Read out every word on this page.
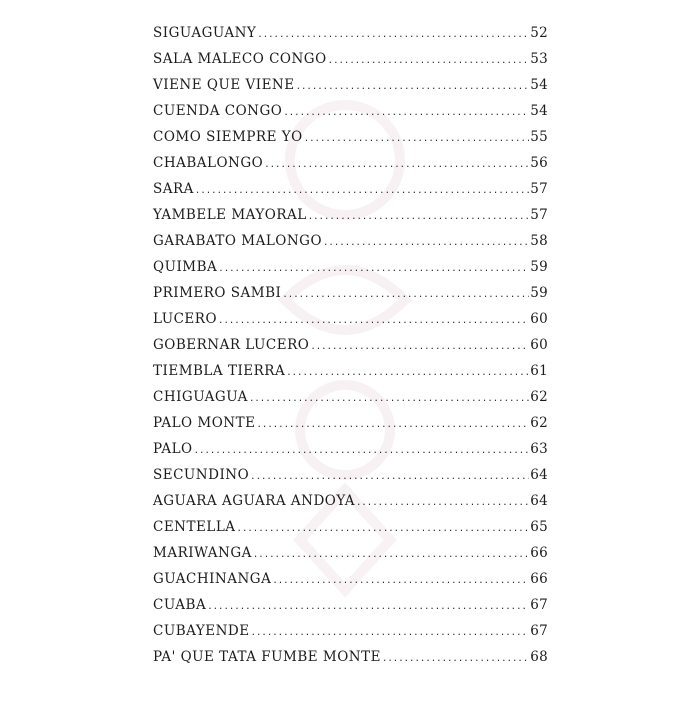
SIGUAGUANY .....	52
SALA MALECO CONGO .....	53
VIENE QUE VIENE .....	54
CUENDA CONGO .....	54
COMO SIEMPRE YO .....	55
CHABALONGO .....	56
SARA .....	57
YAMBELE MAYORAL .....	57
GARABATO MALONGO .....	58
QUIMBA .....	59
PRIMERO SAMBI .....	59
LUCERO .....	60
GOBERNAR LUCERO .....	60
TIEMBLA TIERRA .....	61
CHIGUAGUA .....	62
PALO MONTE .....	62
PALO .....	63
SECUNDINO .....	64
AGUARA AGUARA ANDOYA .....	64
CENTELLA .....	65
MARIWANGA .....	66
GUACHINANGA .....	66
CUABA .....	67
CUBAYENDE .....	67
PA' QUE TATA FUMBE MONTE .....	68
